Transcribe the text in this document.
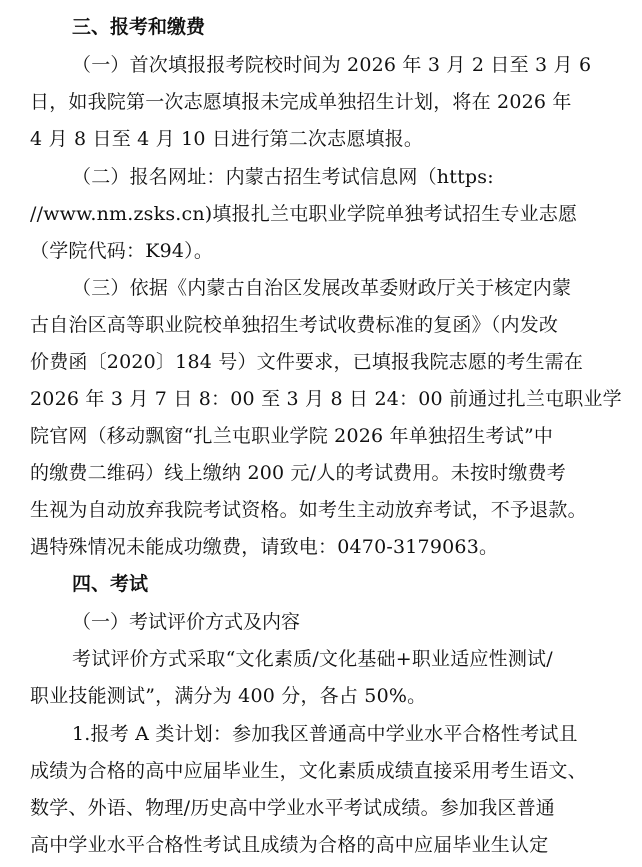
三、报考和缴费
（一）首次填报报考院校时间为 2026 年 3 月 2 日至 3 月 6
日，如我院第一次志愿填报未完成单独招生计划，将在 2026 年
4 月 8 日至 4 月 10 日进行第二次志愿填报。
（二）报名网址：内蒙古招生考试信息网（https:
//www.nm.zsks.cn)填报扎兰屯职业学院单独考试招生专业志愿
（学院代码：K94）。
（三）依据《内蒙古自治区发展改革委财政厅关于核定内蒙
古自治区高等职业院校单独招生考试收费标准的复函》（内发改
价费函〔2020〕184 号）文件要求，已填报我院志愿的考生需在
2026 年 3 月 7 日 8：00 至 3 月 8 日 24：00 前通过扎兰屯职业学
院官网（移动飘窗“扎兰屯职业学院 2026 年单独招生考试”中
的缴费二维码）线上缴纳 200 元/人的考试费用。未按时缴费考
生视为自动放弃我院考试资格。如考生主动放弃考试，不予退款。
遇特殊情况未能成功缴费，请致电：0470-3179063。
四、考试
（一）考试评价方式及内容
考试评价方式采取“文化素质/文化基础+职业适应性测试/
职业技能测试”，满分为 400 分，各占 50%。
1.报考 A 类计划：参加我区普通高中学业水平合格性考试且
成绩为合格的高中应届毕业生，文化素质成绩直接采用考生语文、
数学、外语、物理/历史高中学业水平考试成绩。参加我区普通
高中学业水平合格性考试且成绩为合格的高中应届毕业生认定
